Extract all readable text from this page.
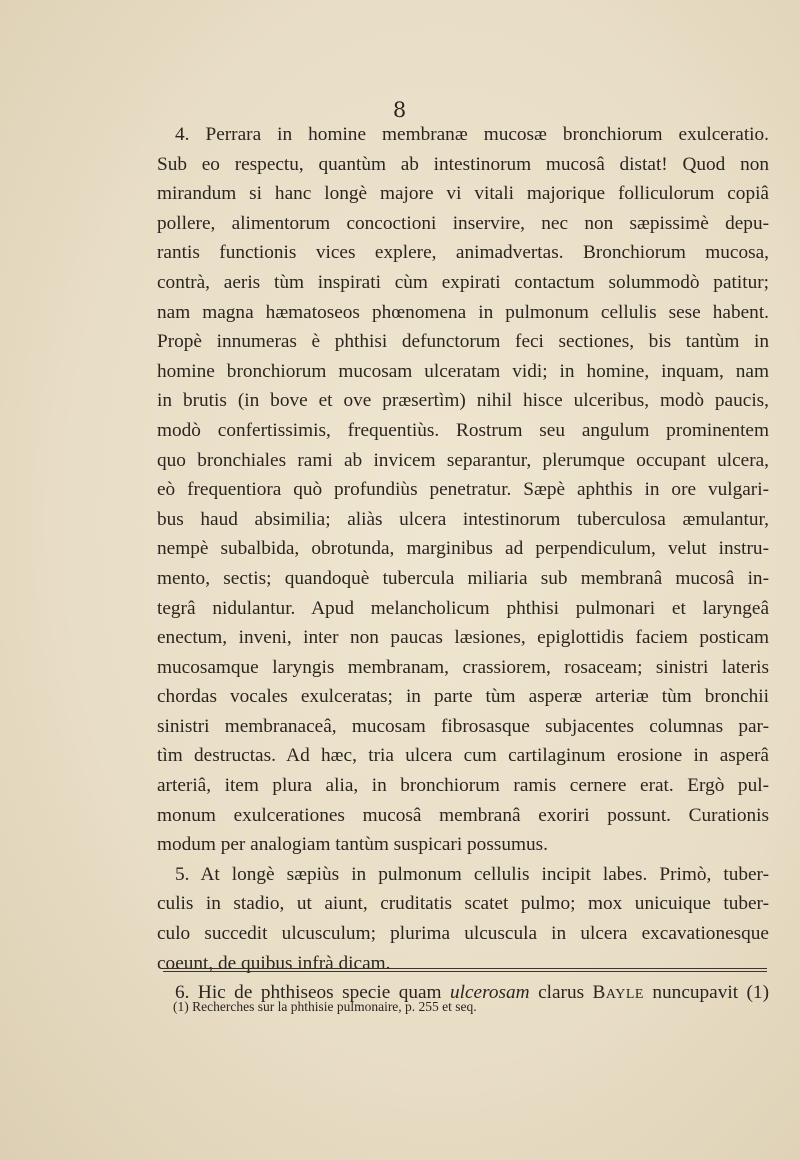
8
4. Perrara in homine membranæ mucosæ bronchiorum exulceratio.
Sub eo respectu, quantùm ab intestinorum mucosâ distat! Quod non
mirandum si hanc longè majore vi vitali majorique folliculorum copiâ
pollere, alimentorum concoctioni inservire, nec non sæpissimè depu-
rantis functionis vices explere, animadvertas. Bronchiorum mucosa,
contrà, aeris tùm inspirati cùm expirati contactum solummodò patitur;
nam magna hæmatoseos phœnomena in pulmonum cellulis sese habent.
Propè innumeras è phthisi defunctorum feci sectiones, bis tantùm in
homine bronchiorum mucosam ulceratam vidi; in homine, inquam, nam
in brutis (in bove et ove præsertìm) nihil hisce ulceribus, modò paucis,
modò confertissimis, frequentiùs. Rostrum seu angulum prominentem
quo bronchiales rami ab invicem separantur, plerumque occupant ulcera,
eò frequentiora quò profundiùs penetratur. Sæpè aphthis in ore vulgari-
bus haud absimilia; aliàs ulcera intestinorum tuberculosa æmulantur,
nempè subalbida, obrotunda, marginibus ad perpendiculum, velut instru-
mento, sectis; quandoquè tubercula miliaria sub membranâ mucosâ in-
tegrâ nidulantur. Apud melancholicum phthisi pulmonari et laryngeâ
enectum, inveni, inter non paucas læsiones, epiglottidis faciem posticam
mucosamque laryngis membranam, crassiorem, rosaceam; sinistri lateris
chordas vocales exulceratas; in parte tùm asperæ arteriæ tùm bronchii
sinistri membranaceâ, mucosam fibrosasque subjacentes columnas par-
tìm destructas. Ad hæc, tria ulcera cum cartilaginum erosione in asperâ
arteriâ, item plura alia, in bronchiorum ramis cernere erat. Ergò pul-
monum exulcerationes mucosâ membranâ exoriri possunt. Curationis
modum per analogiam tantùm suspicari possumus.
5. At longè sæpiùs in pulmonum cellulis incipit labes. Primò, tuber-
culis in stadio, ut aiunt, cruditatis scatet pulmo; mox unicuique tuber-
culo succedit ulcusculum; plurima ulcuscula in ulcera excavationesque
coeunt, de quibus infrà dicam.
6. Hic de phthiseos specie quam ulcerosam clarus Bayle nuncupavit (1)
(1) Recherches sur la phthisie pulmonaire, p. 255 et seq.
